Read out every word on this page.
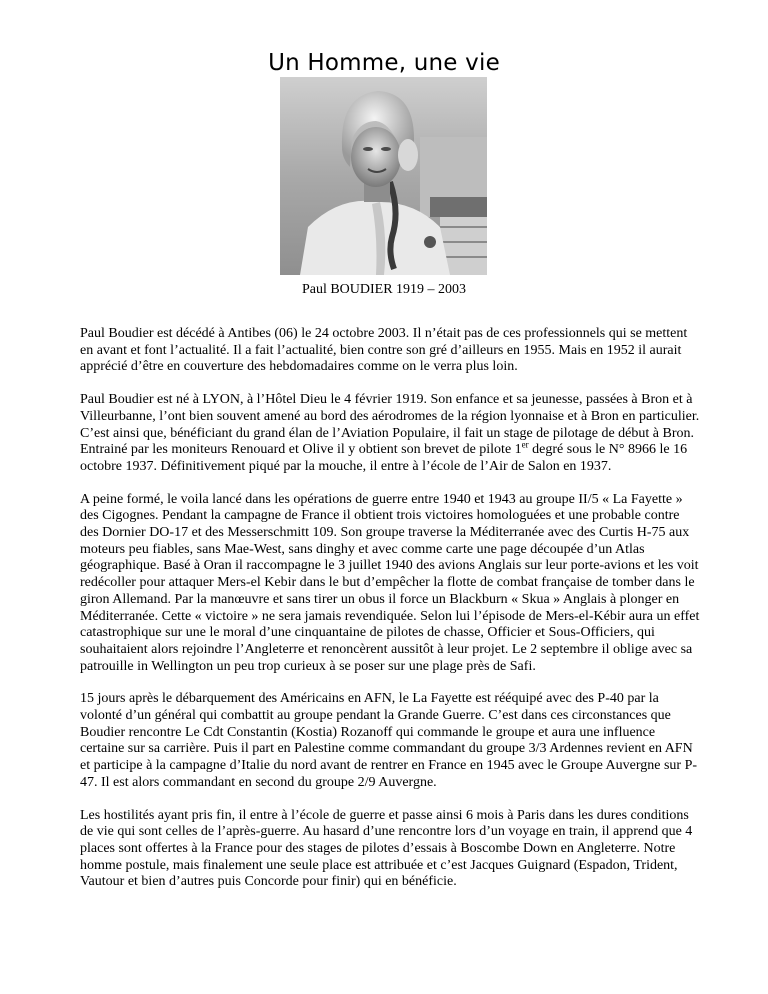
Un Homme, une vie
Paul BOUDIER 1919 – 2003

Paul Boudier est décédé à Antibes (06) le 24 octobre 2003. Il n’était pas de ces professionnels qui se mettent en avant et font l’actualité. Il a fait l’actualité, bien contre son gré d’ailleurs en 1955. Mais en 1952 il aurait apprécié d’être en couverture des hebdomadaires comme on le verra plus loin.

Paul Boudier est né à LYON, à l’Hôtel Dieu le 4 février 1919. Son enfance et sa jeunesse, passées à Bron et à Villeurbanne, l’ont bien souvent amené au bord des aérodromes de la région lyonnaise et à Bron en particulier. C’est ainsi que, bénéficiant du grand élan de l’Aviation Populaire, il fait un stage de pilotage de début à Bron. Entrainé par les moniteurs Renouard et Olive il y obtient son brevet de pilote 1er degré sous le N° 8966 le 16 octobre 1937. Définitivement piqué par la mouche, il entre à l’école de l’Air de Salon en 1937.

A peine formé, le voila lancé dans les opérations de guerre entre 1940 et 1943 au groupe II/5 « La Fayette » des Cigognes. Pendant la campagne de France il obtient trois victoires homologuées et une probable contre des Dornier DO-17 et des Messerschmitt 109. Son groupe traverse la Méditerranée avec des Curtis H-75 aux moteurs peu fiables, sans Mae-West, sans dinghy et avec comme carte une page découpée d’un Atlas géographique. Basé à Oran il raccompagne le 3 juillet 1940 des avions Anglais sur leur porte-avions et les voit redécoller pour attaquer Mers-el Kebir dans le but d’empêcher la flotte de combat française de tomber dans le giron Allemand. Par la manœuvre et sans tirer un obus il force un Blackburn « Skua » Anglais à plonger en Méditerranée. Cette « victoire » ne sera jamais revendiquée. Selon lui l’épisode de Mers-el-Kébir aura un effet catastrophique sur une le moral d’une cinquantaine de pilotes de chasse, Officier et Sous-Officiers, qui souhaitaient alors rejoindre l’Angleterre et renoncèrent aussitôt à leur projet. Le 2 septembre il oblige avec sa patrouille in Wellington un peu trop curieux à se poser sur une plage près de Safi.

15 jours après le débarquement des Américains en AFN, le La Fayette est rééquipé avec des P-40 par la volonté d’un général qui combattit au groupe pendant la Grande Guerre. C’est dans ces circonstances que Boudier rencontre Le Cdt Constantin (Kostia) Rozanoff qui commande le groupe et aura une influence certaine sur sa carrière. Puis il part en Palestine comme commandant du groupe 3/3 Ardennes revient en AFN et participe à la campagne d’Italie du nord avant de rentrer en France en 1945 avec le Groupe Auvergne sur P-47. Il est alors commandant en second du groupe 2/9 Auvergne.

Les hostilités ayant pris fin, il entre à l’école de guerre et passe ainsi 6 mois à Paris dans les dures conditions de vie qui sont celles de l’après-guerre. Au hasard d’une rencontre lors d’un voyage en train, il apprend que 4 places sont offertes à la France pour des stages de pilotes d’essais à Boscombe Down en Angleterre. Notre homme postule, mais finalement une seule place est attribuée et c’est Jacques Guignard (Espadon, Trident, Vautour et bien d’autres puis Concorde pour finir) qui en bénéficie.
